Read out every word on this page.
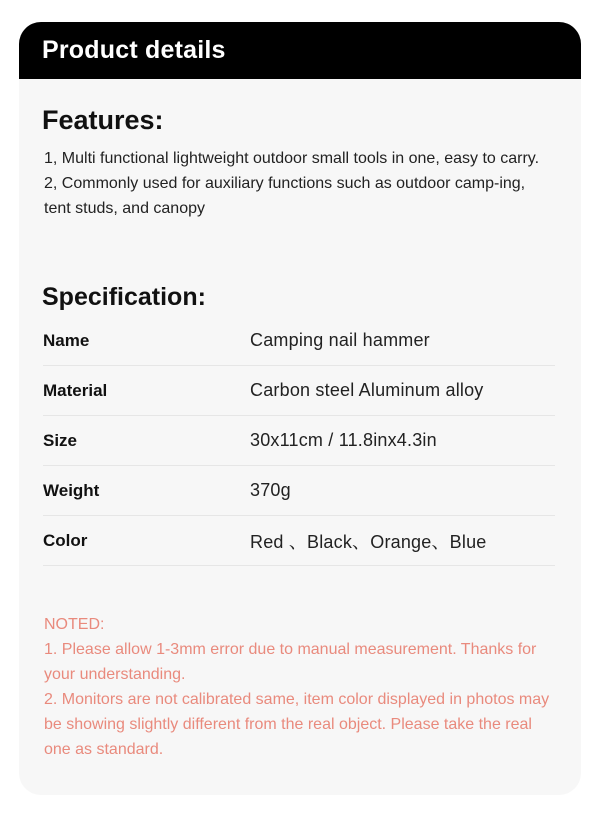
Product details
Features:
1, Multi functional lightweight outdoor small tools in one, easy to carry.
2, Commonly used for auxiliary functions such as outdoor camp-ing, tent studs, and canopy
Specification:
Name	Camping nail hammer
Material	Carbon steel Aluminum alloy
Size	30x11cm / 11.8inx4.3in
Weight	370g
Color	Red 、Black、Orange、Blue
NOTED:
1. Please allow 1-3mm error due to manual measurement. Thanks for your understanding.
2. Monitors are not calibrated same, item color displayed in photos may be showing slightly different from the real object. Please take the real one as standard.
